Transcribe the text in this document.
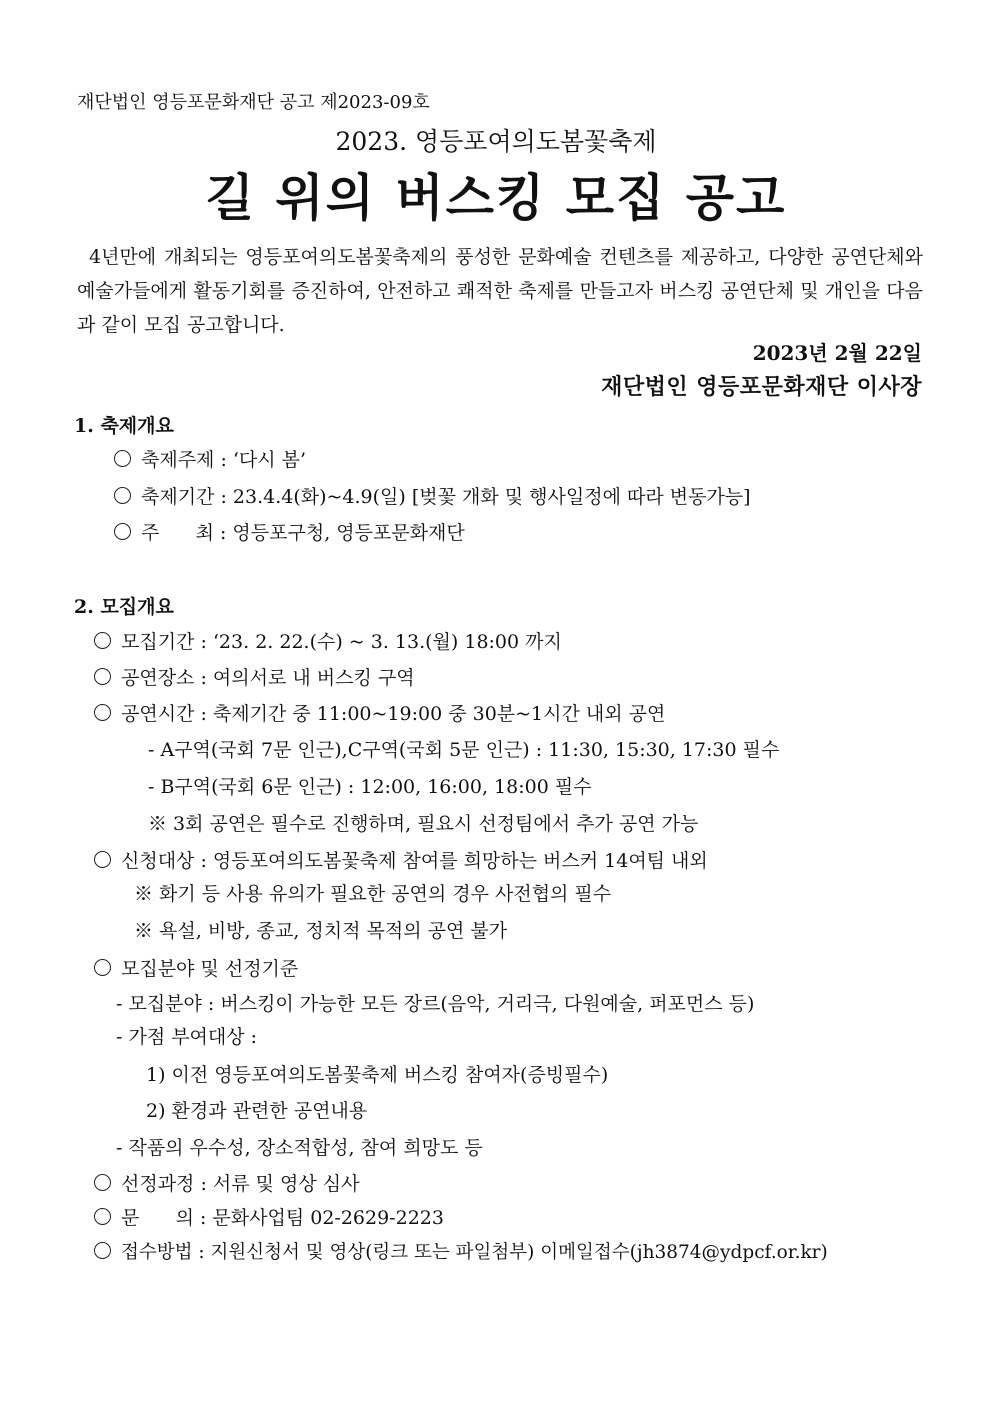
재단법인 영등포문화재단 공고 제2023-09호
2023. 영등포여의도봄꽃축제
길 위의 버스킹 모집 공고
4년만에 개최되는 영등포여의도봄꽃축제의 풍성한 문화예술 컨텐츠를 제공하고, 다양한 공연단체와 예술가들에게 활동기회를 증진하여, 안전하고 쾌적한 축제를 만들고자 버스킹 공연단체 및 개인을 다음과 같이 모집 공고합니다.
2023년 2월 22일
재단법인 영등포문화재단 이사장
1. 축제개요
축제주제 : ‘다시 봄’
축제기간 : 23.4.4(화)~4.9(일) [벚꽃 개화 및 행사일정에 따라 변동가능]
주      최 : 영등포구청, 영등포문화재단
2. 모집개요
모집기간 : ‘23. 2. 22.(수) ~ 3. 13.(월) 18:00 까지
공연장소 : 여의서로 내 버스킹 구역
공연시간 : 축제기간 중 11:00~19:00 중 30분~1시간 내외 공연
- A구역(국회 7문 인근),C구역(국회 5문 인근) : 11:30, 15:30, 17:30 필수
- B구역(국회 6문 인근) : 12:00, 16:00, 18:00 필수
※ 3회 공연은 필수로 진행하며, 필요시 선정팀에서 추가 공연 가능
신청대상 : 영등포여의도봄꽃축제 참여를 희망하는 버스커 14여팀 내외
※ 화기 등 사용 유의가 필요한 공연의 경우 사전협의 필수
※ 욕설, 비방, 종교, 정치적 목적의 공연 불가
모집분야 및 선정기준
- 모집분야 : 버스킹이 가능한 모든 장르(음악, 거리극, 다원예술, 퍼포먼스 등)
- 가점 부여대상 :
1) 이전 영등포여의도봄꽃축제 버스킹 참여자(증빙필수)
2) 환경과 관련한 공연내용
- 작품의 우수성, 장소적합성, 참여 희망도 등
선정과정 : 서류 및 영상 심사
문      의 : 문화사업팀 02-2629-2223
접수방법 : 지원신청서 및 영상(링크 또는 파일첨부) 이메일접수(jh3874@ydpcf.or.kr)
